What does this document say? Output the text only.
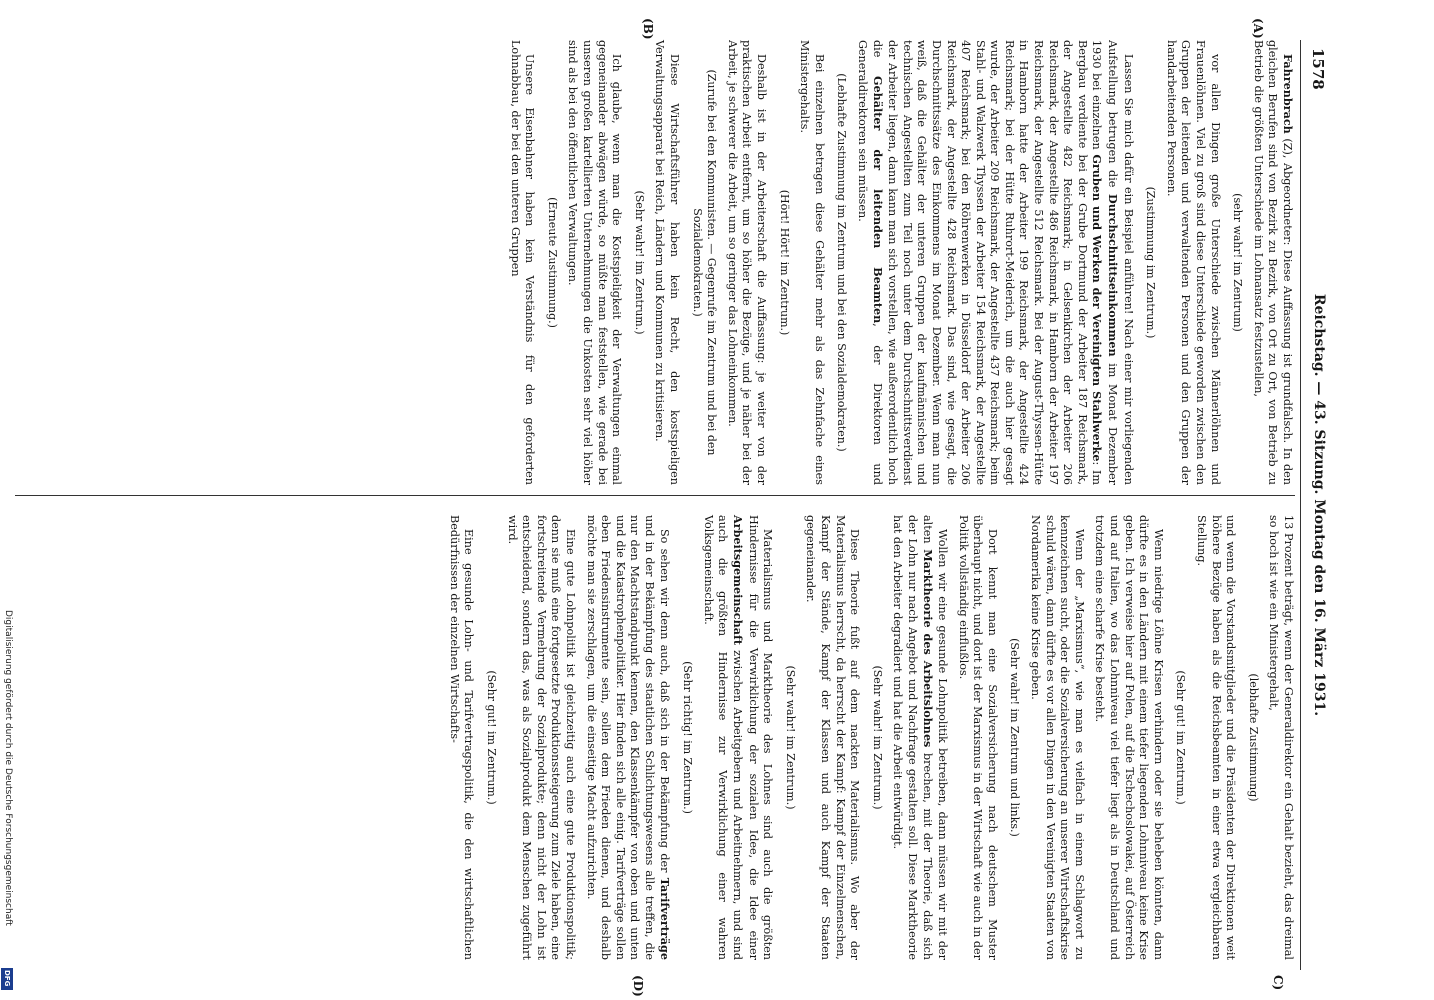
1578
Reichstag. — 43. Sitzung. Montag den 16. März 1931.
(A)
(B)
C)
(D)

Fahrenbrach (Z), Abgeordneter: Diese Auffassung ist grundfalsch. In den gleichen Berufen sind von Bezirk zu Bezirk, von Ort zu Ort, von Betrieb zu Betrieb die größten Unterschiede im Lohnansatz festzustellen,

(sehr wahr! im Zentrum)

vor allen Dingen große Unterschiede zwischen Männerlöhnen und Frauenlöhnen. Viel zu groß sind diese Unterschiede geworden zwischen den Gruppen der leitenden und verwaltenden Personen und den Gruppen der handarbeitenden Personen.

(Zustimmung im Zentrum.)

Lassen Sie mich dafür ein Beispiel anführen! Nach einer mir vorliegenden Aufstellung betrugen die Durchschnittseinkommen im Monat Dezember 1930 bei einzelnen Gruben und Werken der Vereinigten Stahlwerke: Im Bergbau verdiente bei der Grube Dortmund der Arbeiter 187 Reichsmark, der Angestellte 482 Reichsmark; in Gelsenkirchen der Arbeiter 206 Reichsmark, der Angestellte 486 Reichsmark, in Hamborn der Arbeiter 197 Reichsmark, der Angestellte 512 Reichsmark. Bei der August-Thyssen-Hütte in Hamborn hatte der Arbeiter 199 Reichsmark, der Angestellte 424 Reichsmark; bei der Hütte Ruhrort-Meiderich, um die auch hier gesagt wurde, der Arbeiter 209 Reichsmark, der Angestellte 437 Reichsmark; beim Stahl- und Walzwerk Thyssen der Arbeiter 154 Reichsmark, der Angestellte 407 Reichsmark; bei den Röhrenwerken in Düsseldorf der Arbeiter 206 Reichsmark, der Angestellte 428 Reichsmark. Das sind, wie gesagt, die Durchschnittssätze des Einkommens im Monat Dezember. Wenn man nun weiß, daß die Gehälter der unteren Gruppen der kaufmännischen und technischen Angestellten zum Teil noch unter dem Durchschnittsverdienst der Arbeiter liegen, dann kann man sich vorstellen, wie außerordentlich hoch die Gehälter der leitenden Beamten, der Direktoren und Generaldirektoren sein müssen.

(Lebhafte Zustimmung im Zentrum und bei den Sozialdemokraten.)

Bei einzelnen betragen diese Gehälter mehr als das Zehnfache eines Ministergehalts.

(Hört! Hört! im Zentrum.)

Deshalb ist in der Arbeiterschaft die Auffassung: je weiter von der praktischen Arbeit entfernt, um so höher die Bezüge, und je näher bei der Arbeit, je schwerer die Arbeit, um so geringer das Lohneinkommen.

(Zurufe bei den Kommunisten. — Gegenrufe im Zentrum und bei den Sozialdemokraten.)

Diese Wirtschaftsführer haben kein Recht, den kostspieligen Verwaltungsapparat bei Reich, Ländern und Kommunen zu kritisieren.

(Sehr wahr! im Zentrum.)

Ich glaube, wenn man die Kostspieligkeit der Verwaltungen einmal gegeneinander abwägen würde, so müßte man feststellen, wie gerade bei unseren großen kartellierten Unternehmungen die Unkosten sehr viel höher sind als bei den öffentlichen Verwaltungen.

(Erneute Zustimmung.)

Unsere Eisenbahner haben kein Verständnis für den geforderten Lohnabbau, der bei den unteren Gruppen

13 Prozent beträgt, wenn der Generaldirektor ein Gehalt bezieht, das dreimal so hoch ist wie ein Ministergehalt,

(lebhafte Zustimmung)

und wenn die Vorstandsmitglieder und die Präsidenten der Direktionen weit höhere Bezüge haben als die Reichsbeamten in einer etwa vergleichbaren Stellung.

(Sehr gut! im Zentrum.)

Wenn niedrige Löhne Krisen verhindern oder sie beheben könnten, dann dürfte es in den Ländern mit einem tiefer liegenden Lohnniveau keine Krise geben. Ich verweise hier auf Polen, auf die Tschechoslowakei, auf Österreich und auf Italien, wo das Lohnniveau viel tiefer liegt als in Deutschland und trotzdem eine scharfe Krise besteht.

Wenn der „Marxismus“, wie man es vielfach in einem Schlagwort zu kennzeichnen sucht, oder die Sozialversicherung an unserer Wirtschaftskrise schuld wären, dann dürfte es vor allen Dingen in den Vereinigten Staaten von Nordamerika keine Krise geben.

(Sehr wahr! im Zentrum und links.)

Dort kennt man eine Sozialversicherung nach deutschem Muster überhaupt nicht, und dort ist der Marxismus in der Wirtschaft wie auch in der Politik vollständig einflußlos.

Wollen wir eine gesunde Lohnpolitik betreiben, dann müssen wir mit der alten Marktheorie des Arbeitslohnes brechen, mit der Theorie, daß sich der Lohn nur nach Angebot und Nachfrage gestalten soll. Diese Marktheorie hat den Arbeiter degradiert und hat die Arbeit entwürdigt.

(Sehr wahr! im Zentrum.)

Diese Theorie fußt auf dem nackten Materialismus. Wo aber der Materialismus herrscht, da herrscht der Kampf: Kampf der Einzelmenschen, Kampf der Stände, Kampf der Klassen und auch Kampf der Staaten gegeneinander.

(Sehr wahr! im Zentrum.)

Materialismus und Marktheorie des Lohnes sind auch die größten Hindernisse für die Verwirklichung der sozialen Idee, die Idee einer Arbeitsgemeinschaft zwischen Arbeitgebern und Arbeitnehmern, und sind auch die größten Hindernisse zur Verwirklichung einer wahren Volksgemeinschaft.

(Sehr richtig! im Zentrum.)

So sehen wir denn auch, daß sich in der Bekämpfung der Tarifverträge und in der Bekämpfung des staatlichen Schlichtungswesens alle treffen, die nur den Machtstandpunkt kennen, den Klassenkämpfer von oben und unten und die Katastrophenpolitiker. Hier finden sich alle einig. Tarifverträge sollen eben Friedensinstrumente sein, sollen dem Frieden dienen, und deshalb möchte man sie zerschlagen, um die einseitige Macht aufzurichten.

Eine gute Lohnpolitik ist gleichzeitig auch eine gute Produktionspolitik; denn sie muß eine fortgesetzte Produktionssteigerung zum Ziele haben, eine fortschreitende Vermehrung der Sozialprodukte; denn nicht der Lohn ist entscheidend, sondern das, was als Sozialprodukt dem Menschen zugeführt wird.

(Sehr gut! im Zentrum.)

Eine gesunde Lohn- und Tarifvertragspolitik, die den wirtschaftlichen Bedürfnissen der einzelnen Wirtschafts-

Digitalisierung gefördert durch die Deutsche Forschungsgemeinschaft
DFG
